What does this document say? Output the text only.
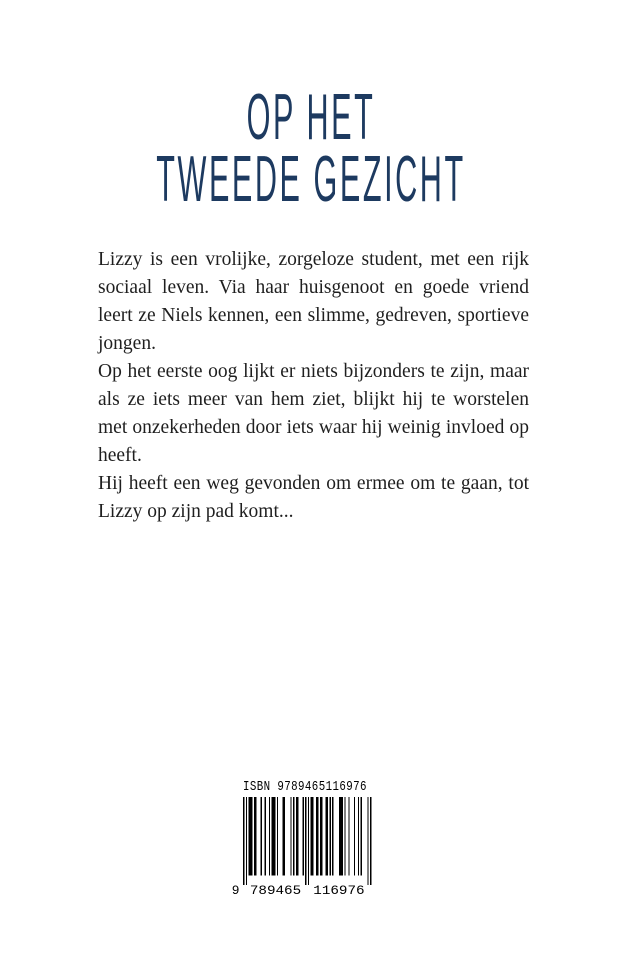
OP HET
TWEEDE GEZICHT

Lizzy is een vrolijke, zorgeloze student, met een rijk sociaal leven. Via haar huisgenoot en goede vriend leert ze Niels kennen, een slimme, gedreven, sportieve jongen.

Op het eerste oog lijkt er niets bijzonders te zijn, maar als ze iets meer van hem ziet, blijkt hij te worstelen met onzekerheden door iets waar hij weinig invloed op heeft.

Hij heeft een weg gevonden om ermee om te gaan, tot Lizzy op zijn pad komt...

ISBN 9789465116976
9 789465 116976
